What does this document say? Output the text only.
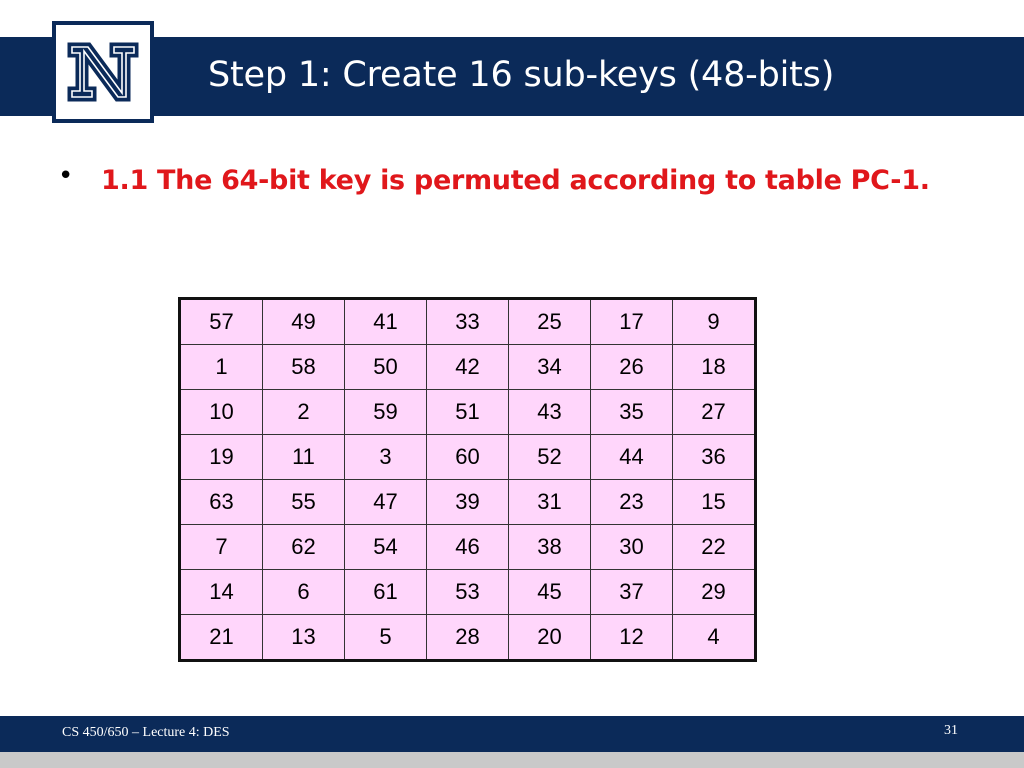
Step 1: Create 16 sub-keys (48-bits)
• 1.1 The 64-bit key is permuted according to table PC-1.
57	49	41	33	25	17	9
1	58	50	42	34	26	18
10	2	59	51	43	35	27
19	11	3	60	52	44	36
63	55	47	39	31	23	15
7	62	54	46	38	30	22
14	6	61	53	45	37	29
21	13	5	28	20	12	4
CS 450/650 – Lecture 4: DES	31
